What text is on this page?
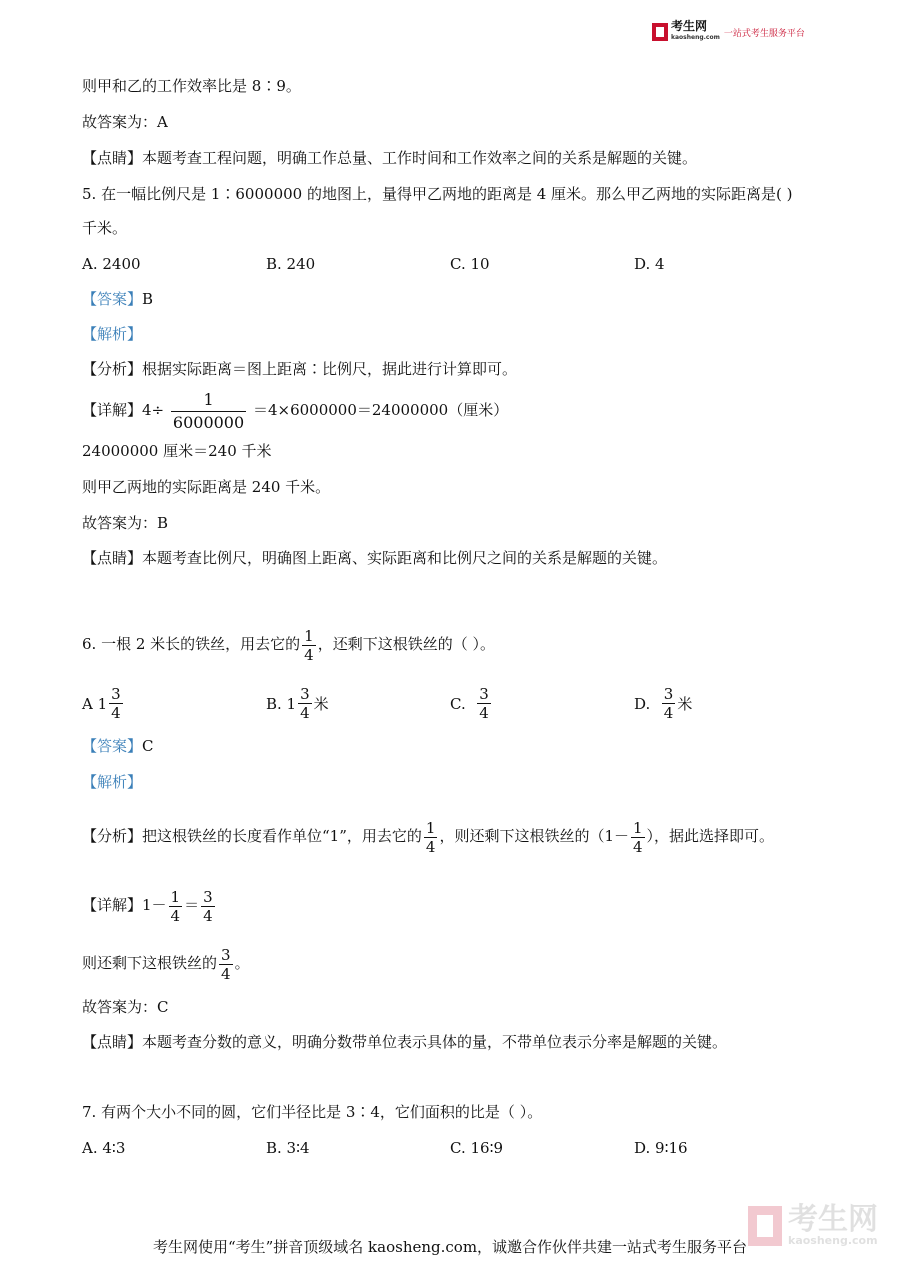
考生网
kaosheng.com 一站式考生服务平台
则甲和乙的工作效率比是 8∶9。
故答案为：A
【点睛】本题考查工程问题，明确工作总量、工作时间和工作效率之间的关系是解题的关键。
5. 在一幅比例尺是 1∶6000000 的地图上，量得甲乙两地的距离是 4 厘米。那么甲乙两地的实际距离是( )
千米。
A. 2400	B. 240	C. 10	D. 4
【答案】B
【解析】
【分析】根据实际距离＝图上距离∶比例尺，据此进行计算即可。
【详解】$4\div \frac{1}{6000000} =4\times 6000000=24000000$（厘米）
24000000 厘米＝240 千米
则甲乙两地的实际距离是 240 千米。
故答案为：B
【点睛】本题考查比例尺，明确图上距离、实际距离和比例尺之间的关系是解题的关键。
6. 一根 2 米长的铁丝，用去它的 $\frac{1}{4}$ ，还剩下这根铁丝的（ ）。
A $1 \frac{3}{4}$	B. $1 \frac{3}{4}$ 米	C. $\frac{3}{4}$	D. $\frac{3}{4}$ 米
【答案】C
【解析】
【分析】把这根铁丝的长度看作单位“1”，用去它的 $\frac{1}{4}$ ，则还剩下这根铁丝的（$1- \frac{1}{4}$ ），据此选择即可。
【详解】$1- \frac{1}{4} = \frac{3}{4}$
则还剩下这根铁丝的 $\frac{3}{4}$ 。
故答案为：C
【点睛】本题考查分数的意义，明确分数带单位表示具体的量，不带单位表示分率是解题的关键。
7. 有两个大小不同的圆，它们半径比是 3∶4，它们面积的比是（ ）。
A. 4∶3	B. 3∶4	C. 16∶9	D. 9∶16
考生网
kaosheng.com
考生网使用“考生”拼音顶级域名 kaosheng.com，诚邀合作伙伴共建一站式考生服务平台
